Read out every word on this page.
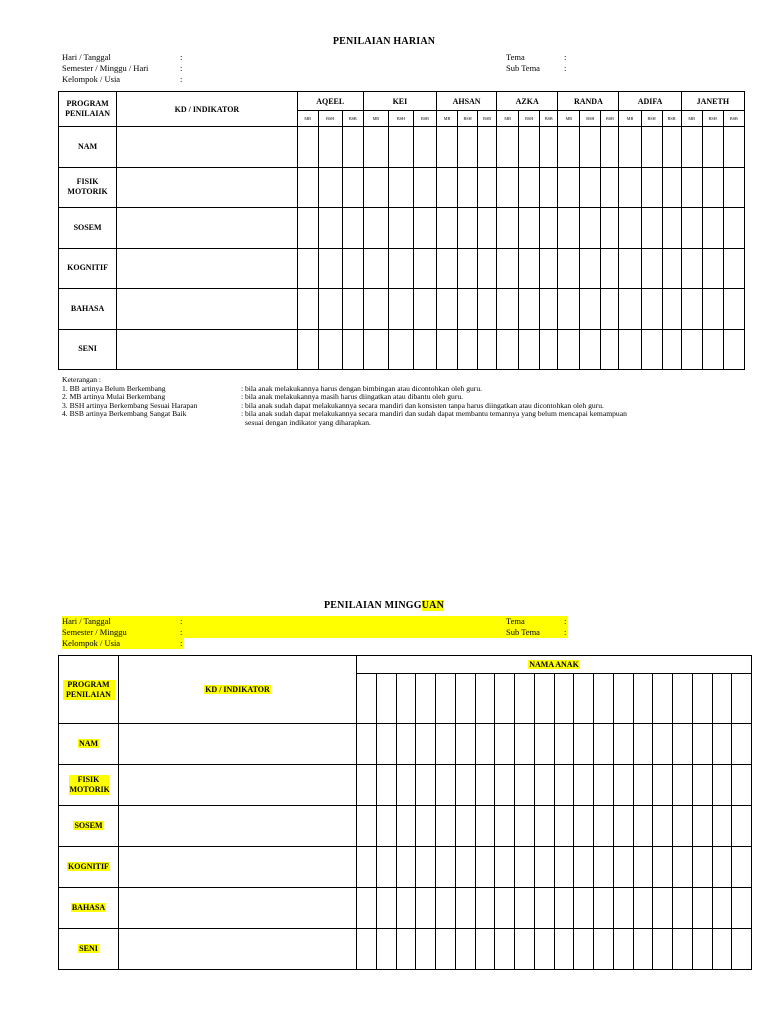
PENILAIAN HARIAN
Hari / Tanggal	:
Semester / Minggu / Hari	:
Kelompok / Usia	:
Tema	:
Sub Tema	:
PROGRAM PENILAIAN	KD / INDIKATOR	AQEEL			KEI			AHSAN			AZKA			RANDA			ADIFA			JANETH		
		MB	BSH	BSB	MB	BSH	BSB	MB	BSH	BSB	MB	BSH	BSB	MB	BSH	BSB	MB	BSH	BSB	MB	BSH	BSB
NAM																						
FISIK MOTORIK																						
SOSEM																						
KOGNITIF																						
BAHASA																						
SENI																						
Keterangan :
1. BB artinya Belum Berkembang	: bila anak melakukannya harus dengan bimbingan atau dicontohkan oleh guru.
2. MB artinya Mulai Berkembang	: bila anak melakukannya masih harus diingatkan atau dibantu oleh guru.
3. BSH artinya Berkembang Sesuai Harapan	: bila anak sudah dapat melakukannya secara mandiri dan konsisten tanpa harus diingatkan atau dicontohkan oleh guru.
4. BSB artinya Berkembang Sangat Baik	: bila anak sudah dapat melakukannya secara mandiri dan sudah dapat membantu temannya yang belum mencapai kemampuan
sesuai dengan indikator yang diharapkan.
PENILAIAN MINGGUAN
Hari / Tanggal	:
Semester / Minggu	:
Kelompok / Usia	:
Tema	:
Sub Tema	:
PROGRAM PENILAIAN	KD / INDIKATOR	NAMA ANAK																			

NAM																					
FISIK MOTORIK																					
SOSEM																					
KOGNITIF																					
BAHASA																					
SENI																					
